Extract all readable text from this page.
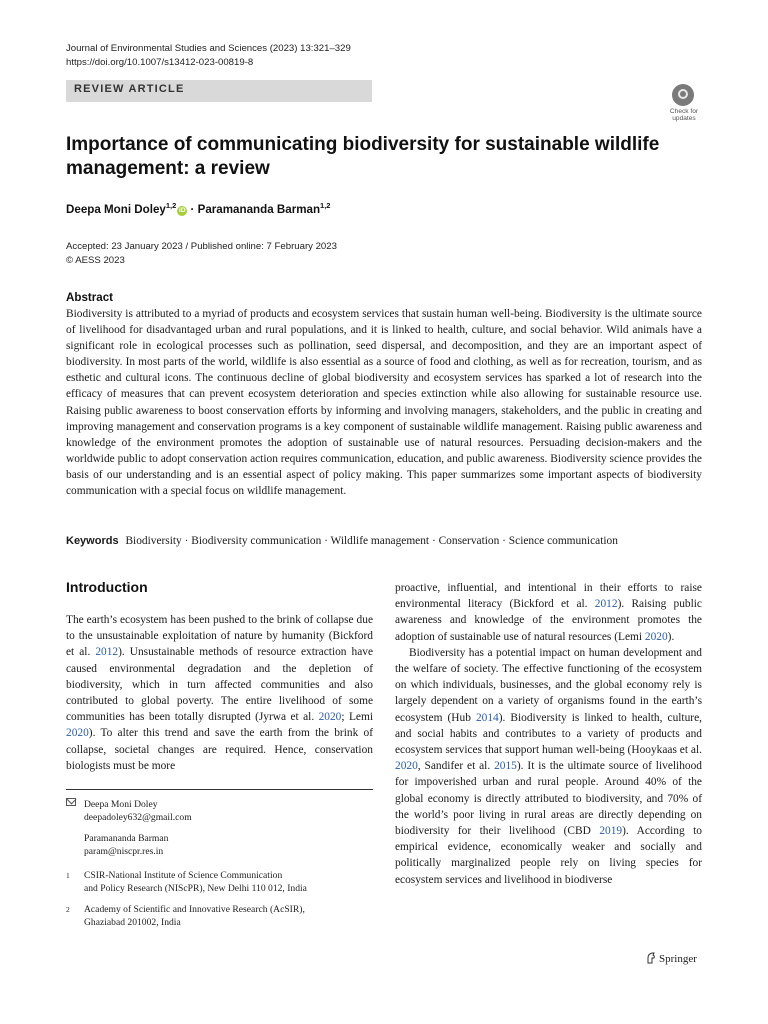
Journal of Environmental Studies and Sciences (2023) 13:321–329
https://doi.org/10.1007/s13412-023-00819-8
REVIEW ARTICLE
Check for
updates
Importance of communicating biodiversity for sustainable wildlife management: a review
Deepa Moni Doley$^{1,2}$iD · Paramananda Barman$^{1,2}$
Accepted: 23 January 2023 / Published online: 7 February 2023
© AESS 2023
Abstract
Biodiversity is attributed to a myriad of products and ecosystem services that sustain human well-being. Biodiversity is the ultimate source of livelihood for disadvantaged urban and rural populations, and it is linked to health, culture, and social behavior. Wild animals have a significant role in ecological processes such as pollination, seed dispersal, and decomposition, and they are an important aspect of biodiversity. In most parts of the world, wildlife is also essential as a source of food and clothing, as well as for recreation, tourism, and as esthetic and cultural icons. The continuous decline of global biodiversity and ecosystem services has sparked a lot of research into the efficacy of measures that can prevent ecosystem deterioration and species extinction while also allowing for sustainable resource use. Raising public awareness to boost conservation efforts by informing and involving managers, stakeholders, and the public in creating and improving management and conservation programs is a key component of sustainable wildlife management. Raising public awareness and knowledge of the environment promotes the adoption of sustainable use of natural resources. Persuading decision-makers and the worldwide public to adopt conservation action requires communication, education, and public awareness. Biodiversity science provides the basis of our understanding and is an essential aspect of policy making. This paper summarizes some important aspects of biodiversity communication with a special focus on wildlife management.
Keywords Biodiversity · Biodiversity communication · Wildlife management · Conservation · Science communication
Introduction

The earth’s ecosystem has been pushed to the brink of collapse due to the unsustainable exploitation of nature by humanity (Bickford et al. 2012). Unsustainable methods of resource extraction have caused environmental degradation and the depletion of biodiversity, which in turn affected communities and also contributed to global poverty. The entire livelihood of some communities has been totally disrupted (Jyrwa et al. 2020; Lemi 2020). To alter this trend and save the earth from the brink of collapse, societal changes are required. Hence, conservation biologists must be more

Deepa Moni Doley
deepadoley632@gmail.com
Paramananda Barman
param@niscpr.res.in
1 CSIR-National Institute of Science Communication
and Policy Research (NIScPR), New Delhi 110 012, India
2 Academy of Scientific and Innovative Research (AcSIR),
Ghaziabad 201002, India

proactive, influential, and intentional in their efforts to raise environmental literacy (Bickford et al. 2012). Raising public awareness and knowledge of the environment promotes the adoption of sustainable use of natural resources (Lemi 2020).

Biodiversity has a potential impact on human development and the welfare of society. The effective functioning of the ecosystem on which individuals, businesses, and the global economy rely is largely dependent on a variety of organisms found in the earth’s ecosystem (Hub 2014). Biodiversity is linked to health, culture, and social habits and contributes to a variety of products and ecosystem services that support human well-being (Hooykaas et al. 2020, Sandifer et al. 2015). It is the ultimate source of livelihood for impoverished urban and rural people. Around 40% of the global economy is directly attributed to biodiversity, and 70% of the world’s poor living in rural areas are directly depending on biodiversity for their livelihood (CBD 2019). According to empirical evidence, economically weaker and socially and politically marginalized people rely on living species for ecosystem services and livelihood in biodiverse

Springer
